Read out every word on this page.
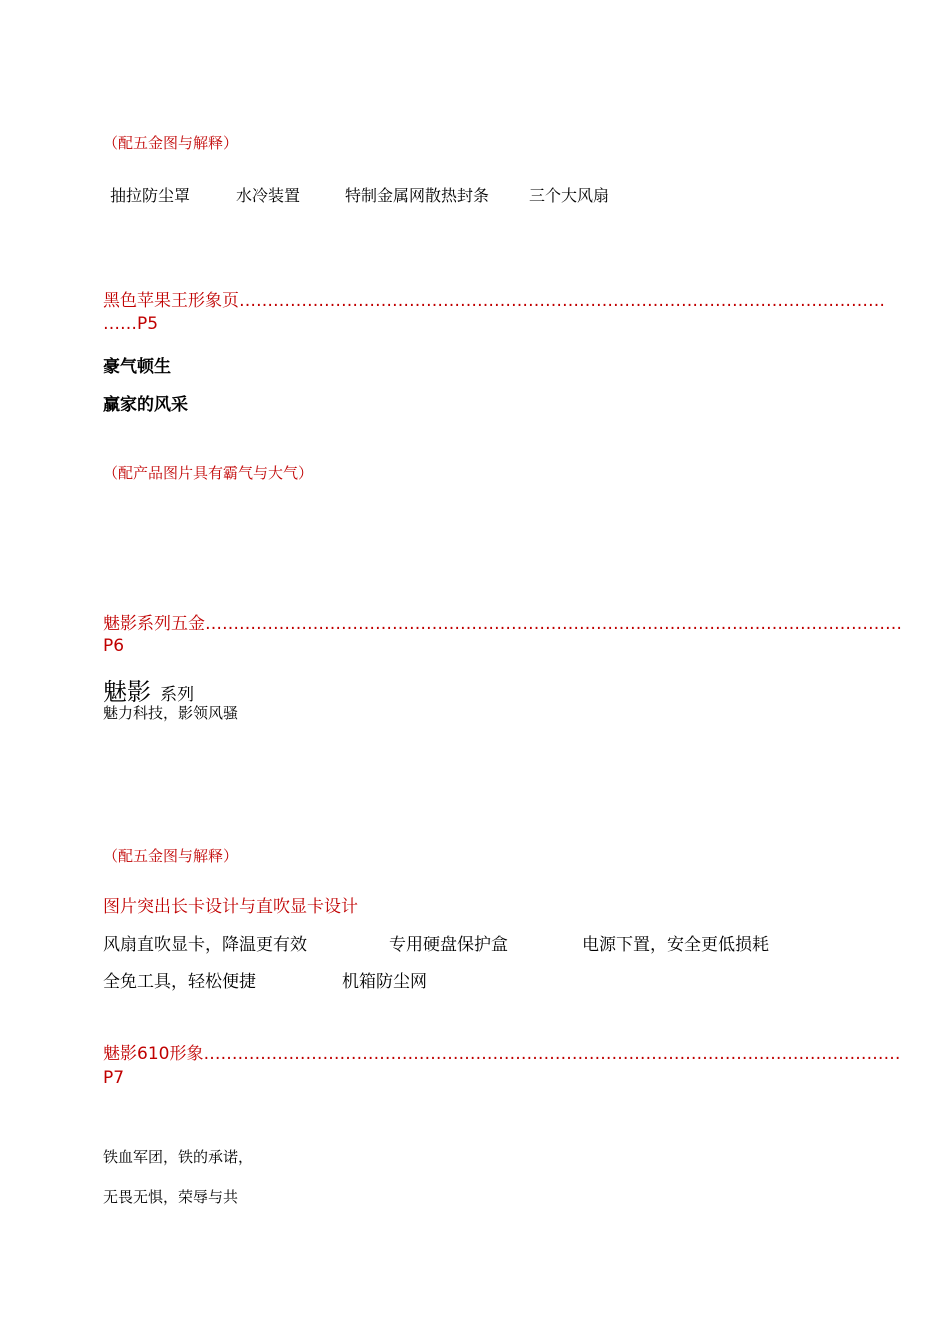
（配五金图与解释）
抽拉防尘罩	水冷装置	特制金属网散热封条 三个大风扇
黑色苹果王形象页……………………………………………………………………………………………………
……P5
豪气顿生
赢家的风采
（配产品图片具有霸气与大气）
魅影系列五金……………………………………………………………………………………………………………
P6
魅影 系列
魅力科技，影领风骚
（配五金图与解释）
图片突出长卡设计与直吹显卡设计
风扇直吹显卡，降温更有效	专用硬盘保护盒	电源下置，安全更低损耗
全免工具，轻松便捷	机箱防尘网
魅影610形象……………………………………………………………………………………………………………
P7
铁血军团，铁的承诺，
无畏无惧，荣辱与共
